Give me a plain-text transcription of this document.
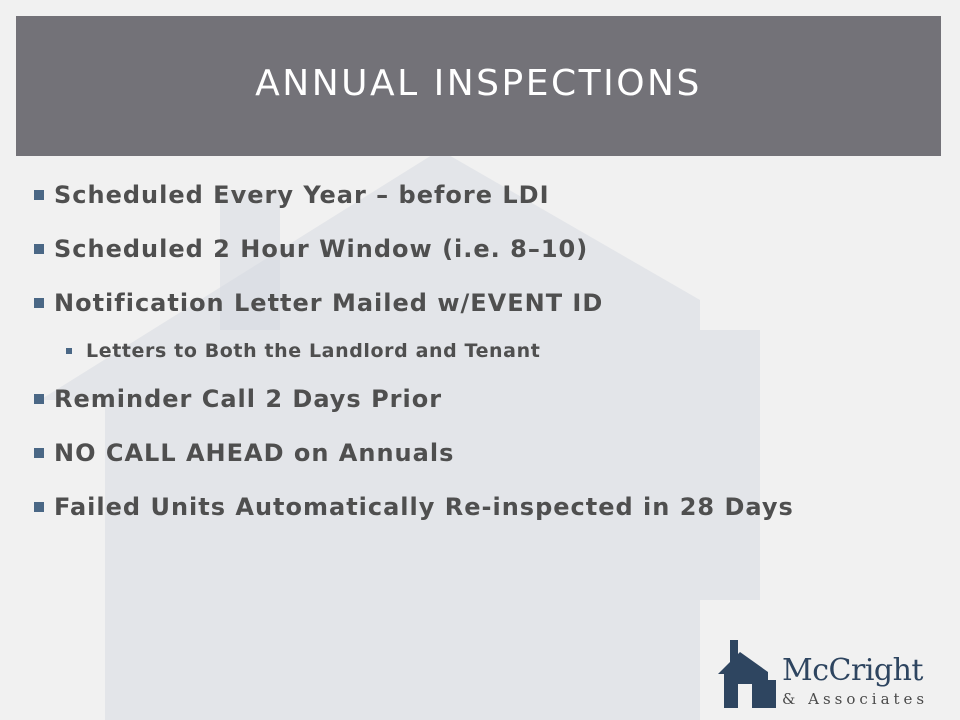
ANNUAL INSPECTIONS
Scheduled Every Year – before LDI
Scheduled 2 Hour Window (i.e. 8–10)
Notification Letter Mailed w/EVENT ID
Letters to Both the Landlord and Tenant
Reminder Call 2 Days Prior
NO CALL AHEAD on Annuals
Failed Units Automatically Re-inspected in 28 Days
McCright
& Associates
